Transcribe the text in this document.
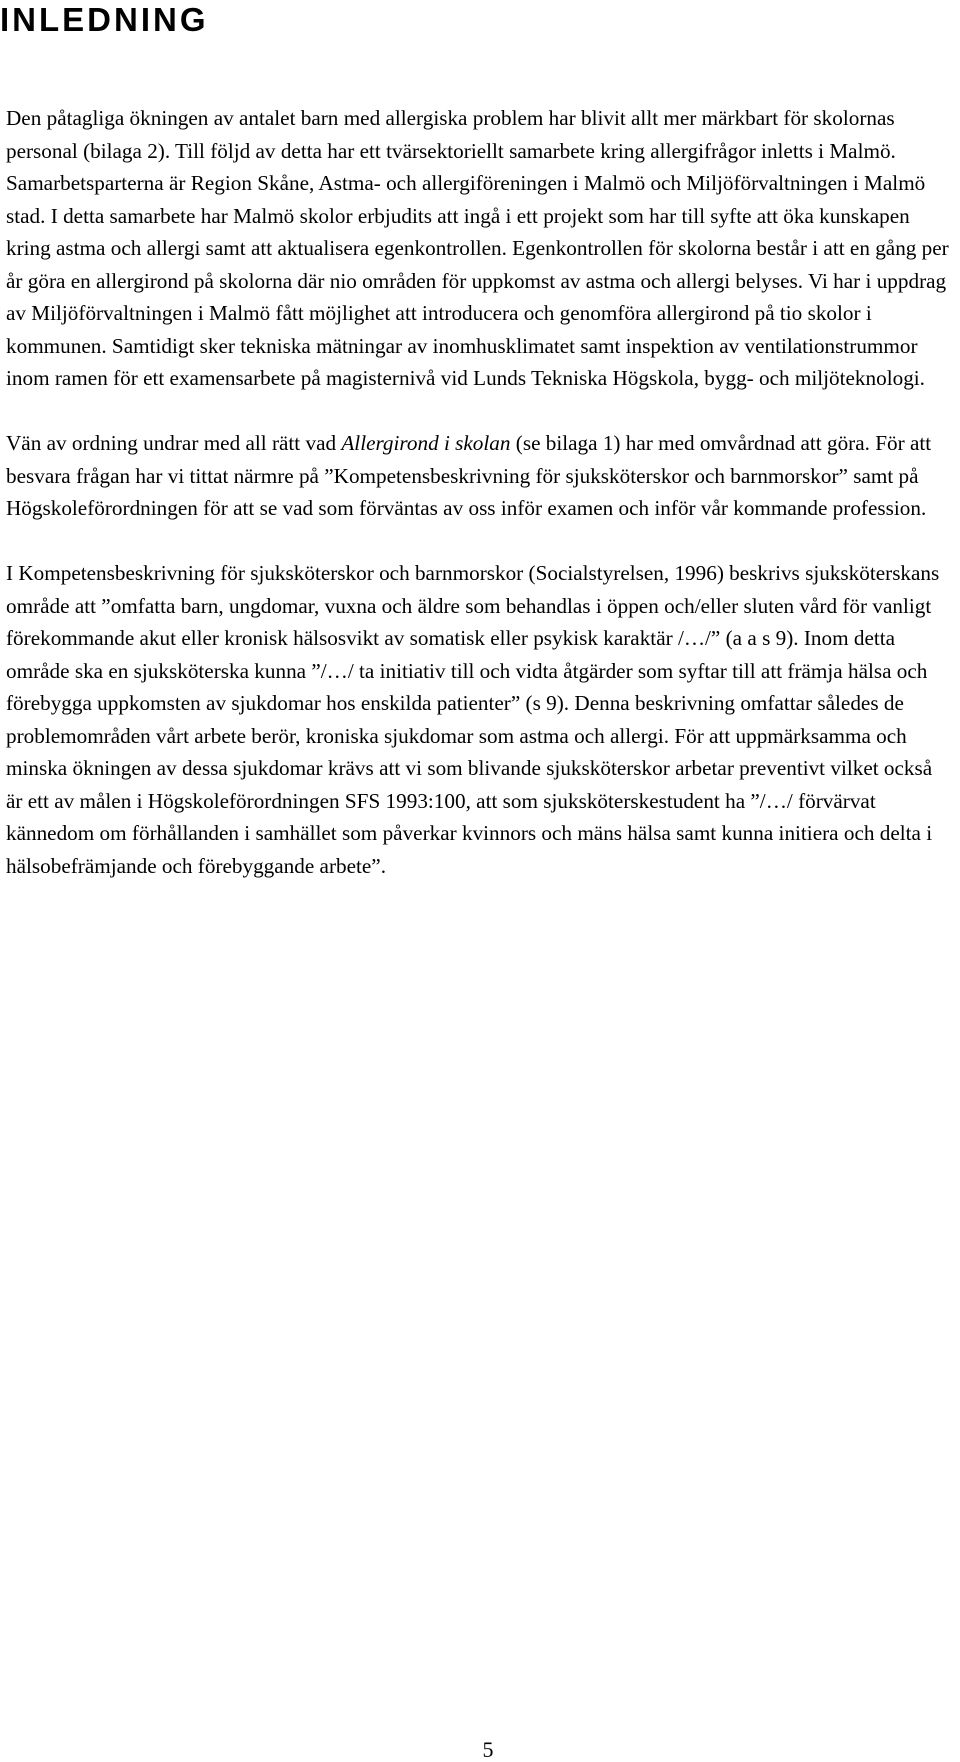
INLEDNING

Den påtagliga ökningen av antalet barn med allergiska problem har blivit allt mer märkbart för skolornas personal (bilaga 2). Till följd av detta har ett tvärsektoriellt samarbete kring allergifrågor inletts i Malmö. Samarbetsparterna är Region Skåne, Astma- och allergiföreningen i Malmö och Miljöförvaltningen i Malmö stad. I detta samarbete har Malmö skolor erbjudits att ingå i ett projekt som har till syfte att öka kunskapen kring astma och allergi samt att aktualisera egenkontrollen. Egenkontrollen för skolorna består i att en gång per år göra en allergirond på skolorna där nio områden för uppkomst av astma och allergi belyses. Vi har i uppdrag av Miljöförvaltningen i Malmö fått möjlighet att introducera och genomföra allergirond på tio skolor i kommunen. Samtidigt sker tekniska mätningar av inomhusklimatet samt inspektion av ventilationstrummor inom ramen för ett examensarbete på magisternivå vid Lunds Tekniska Högskola, bygg- och miljöteknologi.

Vän av ordning undrar med all rätt vad Allergirond i skolan (se bilaga 1) har med omvårdnad att göra. För att besvara frågan har vi tittat närmre på ”Kompetensbeskrivning för sjuksköterskor och barnmorskor” samt på Högskoleförordningen för att se vad som förväntas av oss inför examen och inför vår kommande profession.

I Kompetensbeskrivning för sjuksköterskor och barnmorskor (Socialstyrelsen, 1996) beskrivs sjuksköterskans område att ”omfatta barn, ungdomar, vuxna och äldre som behandlas i öppen och/eller sluten vård för vanligt förekommande akut eller kronisk hälsosvikt av somatisk eller psykisk karaktär /…/” (a a s 9). Inom detta område ska en sjuksköterska kunna ”/…/ ta initiativ till och vidta åtgärder som syftar till att främja hälsa och förebygga uppkomsten av sjukdomar hos enskilda patienter” (s 9). Denna beskrivning omfattar således de problemområden vårt arbete berör, kroniska sjukdomar som astma och allergi. För att uppmärksamma och minska ökningen av dessa sjukdomar krävs att vi som blivande sjuksköterskor arbetar preventivt vilket också är ett av målen i Högskoleförordningen SFS 1993:100, att som sjuksköterskestudent ha ”/…/ förvärvat kännedom om förhållanden i samhället som påverkar kvinnors och mäns hälsa samt kunna initiera och delta i hälsobefrämjande och förebyggande arbete”.

5
